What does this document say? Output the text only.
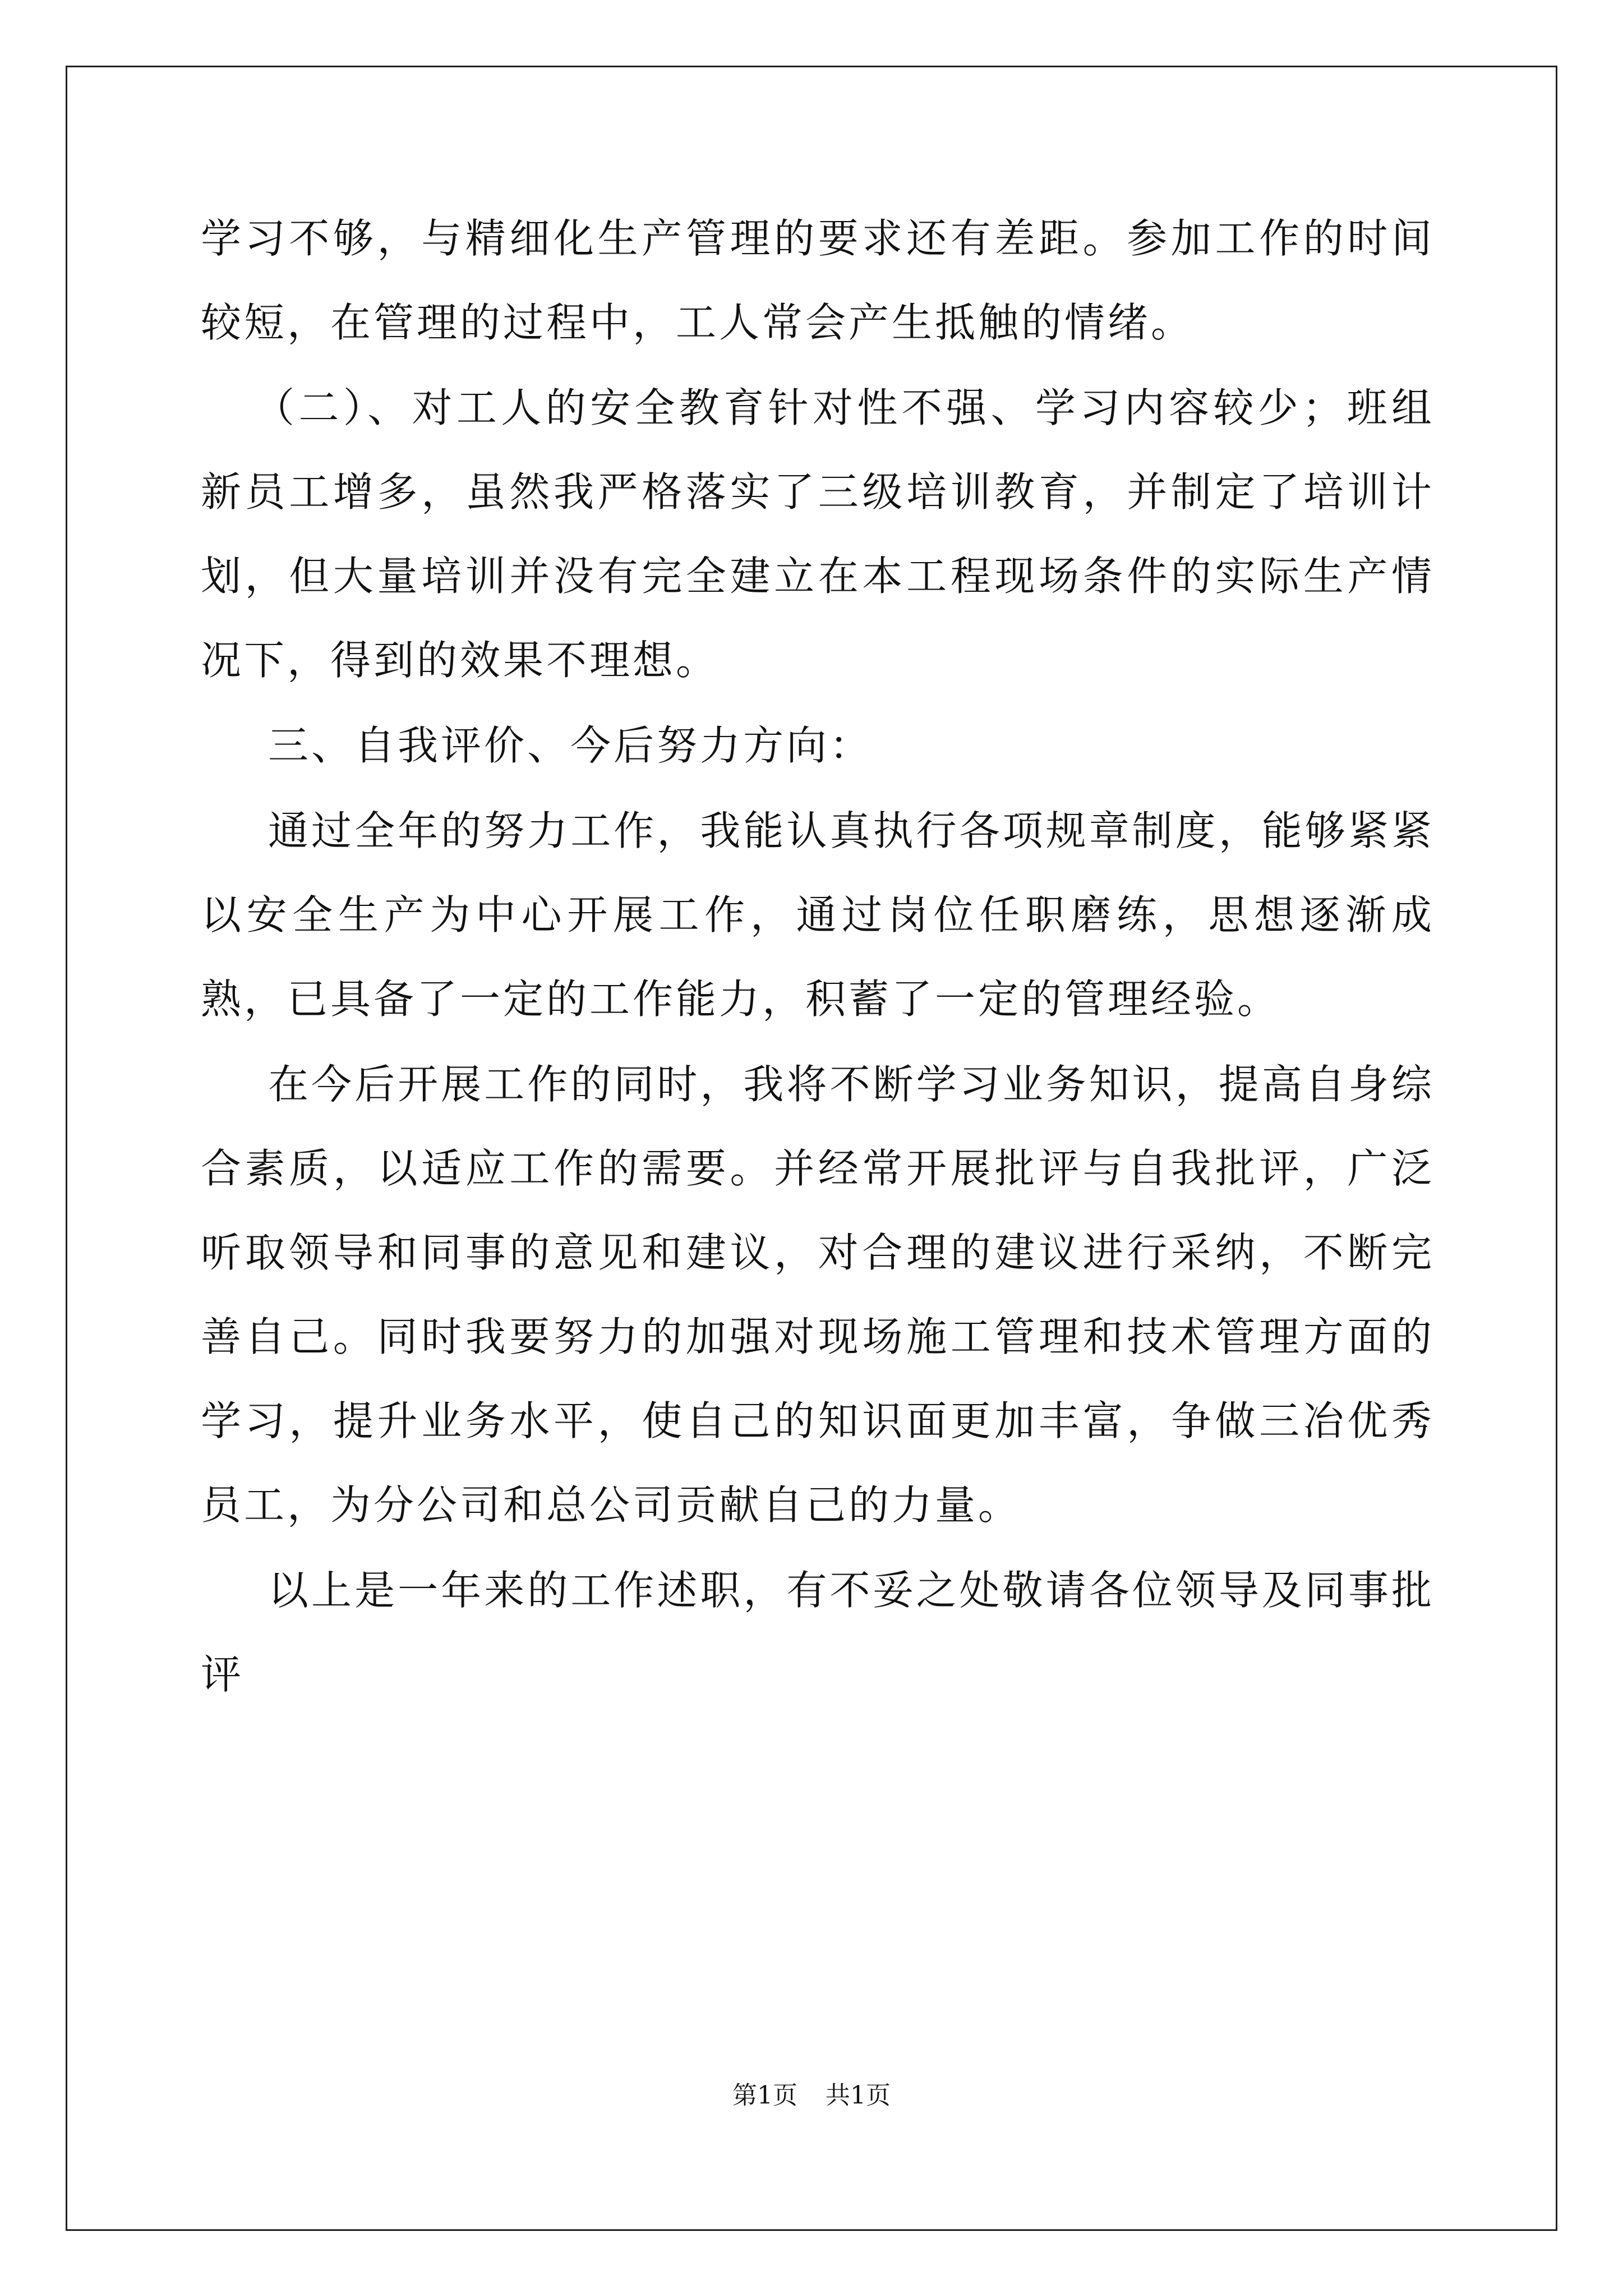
学习不够，与精细化生产管理的要求还有差距。参加工作的时间较短，在管理的过程中，工人常会产生抵触的情绪。

（二）、对工人的安全教育针对性不强、学习内容较少；班组新员工增多，虽然我严格落实了三级培训教育，并制定了培训计划，但大量培训并没有完全建立在本工程现场条件的实际生产情况下，得到的效果不理想。

三、自我评价、今后努力方向：

通过全年的努力工作，我能认真执行各项规章制度，能够紧紧以安全生产为中心开展工作，通过岗位任职磨练，思想逐渐成熟，已具备了一定的工作能力，积蓄了一定的管理经验。

在今后开展工作的同时，我将不断学习业务知识，提高自身综合素质，以适应工作的需要。并经常开展批评与自我批评，广泛听取领导和同事的意见和建议，对合理的建议进行采纳，不断完善自己。同时我要努力的加强对现场施工管理和技术管理方面的学习，提升业务水平，使自己的知识面更加丰富，争做三冶优秀员工，为分公司和总公司贡献自己的力量。

以上是一年来的工作述职，有不妥之处敬请各位领导及同事批评

第1页 共1页
